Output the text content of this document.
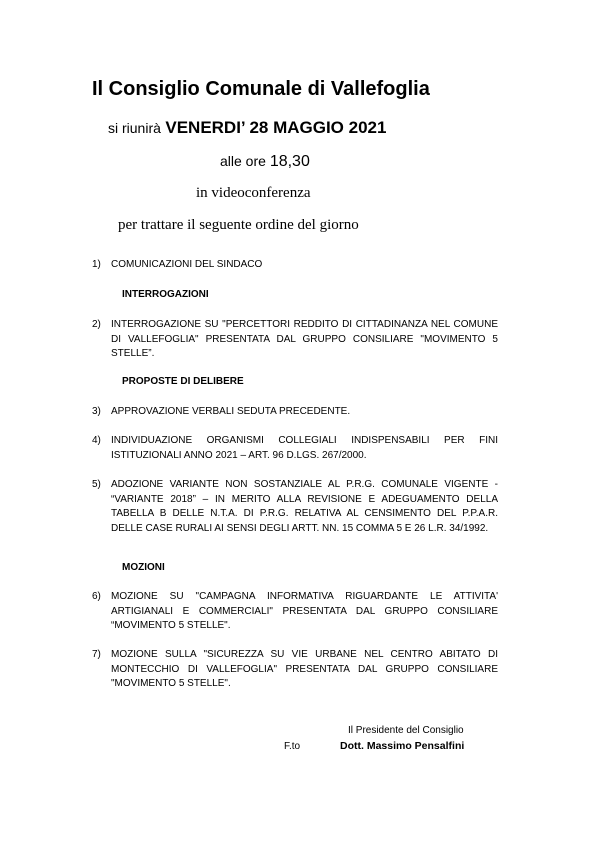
Il Consiglio Comunale di Vallefoglia
si riunirà VENERDI’ 28 MAGGIO 2021
alle ore 18,30
in videoconferenza
per trattare il seguente ordine del giorno
1) COMUNICAZIONI DEL SINDACO
INTERROGAZIONI
2) INTERROGAZIONE SU "PERCETTORI REDDITO DI CITTADINANZA NEL COMUNE DI VALLEFOGLIA" PRESENTATA DAL GRUPPO CONSILIARE "MOVIMENTO 5 STELLE”.
PROPOSTE DI DELIBERE
3) APPROVAZIONE VERBALI SEDUTA PRECEDENTE.
4) INDIVIDUAZIONE ORGANISMI COLLEGIALI INDISPENSABILI PER FINI ISTITUZIONALI ANNO 2021 – ART. 96 D.LGS. 267/2000.
5) ADOZIONE VARIANTE NON SOSTANZIALE AL P.R.G. COMUNALE VIGENTE - “VARIANTE 2018” – IN MERITO ALLA REVISIONE E ADEGUAMENTO DELLA TABELLA B DELLE N.T.A. DI P.R.G. RELATIVA AL CENSIMENTO DEL P.P.A.R. DELLE CASE RURALI AI SENSI DEGLI ARTT. NN. 15 COMMA 5 E 26 L.R. 34/1992.
MOZIONI
6) MOZIONE SU "CAMPAGNA INFORMATIVA RIGUARDANTE LE ATTIVITA' ARTIGIANALI E COMMERCIALI" PRESENTATA DAL GRUPPO CONSILIARE “MOVIMENTO 5 STELLE".
7) MOZIONE SULLA "SICUREZZA SU VIE URBANE NEL CENTRO ABITATO DI MONTECCHIO DI VALLEFOGLIA" PRESENTATA DAL GRUPPO CONSILIARE "MOVIMENTO 5 STELLE".
Il Presidente del Consiglio
F.to	Dott. Massimo Pensalfini
